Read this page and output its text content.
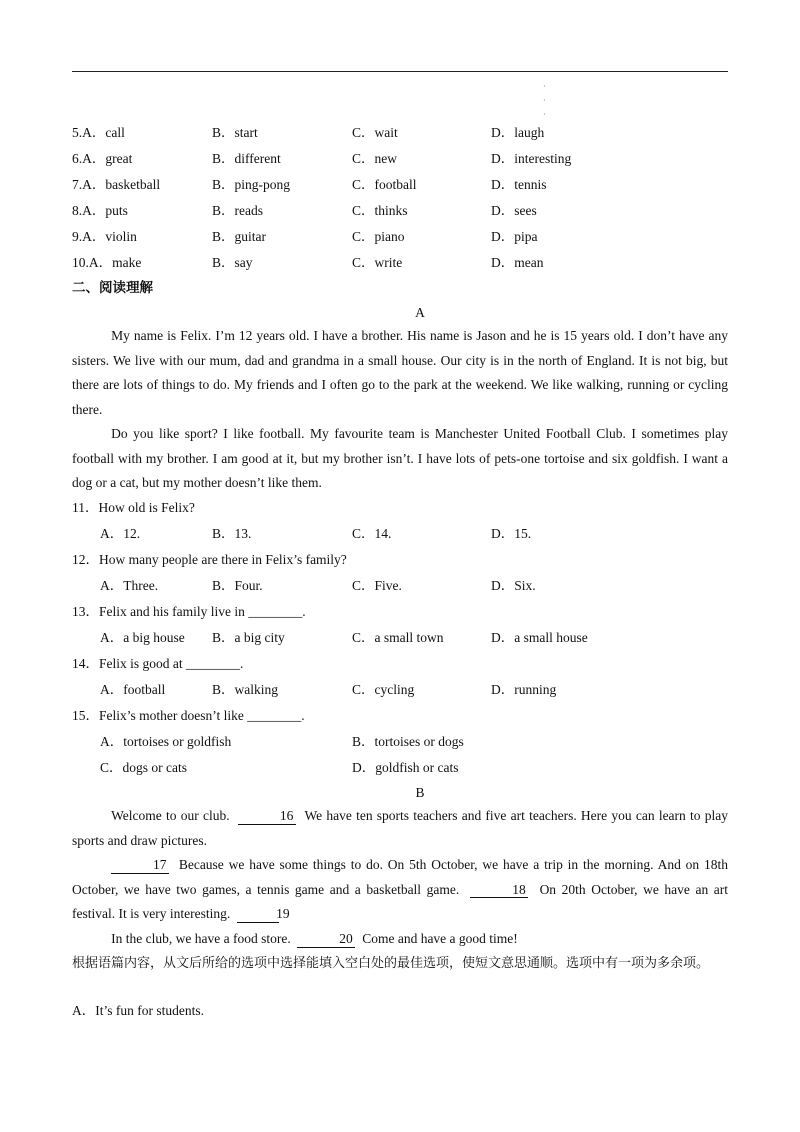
·
·
·
5.A．call	B．start	C．wait	D．laugh
6.A．great	B．different	C．new	D．interesting
7.A．basketball	B．ping-pong	C．football	D．tennis
8.A．puts	B．reads	C．thinks	D．sees
9.A．violin	B．guitar	C．piano	D．pipa
10.A．make	B．say	C．write	D．mean
二、阅读理解
A
My name is Felix. I’m 12 years old. I have a brother. His name is Jason and he is 15 years old. I don’t have any sisters. We live with our mum, dad and grandma in a small house. Our city is in the north of England. It is not big, but there are lots of things to do. My friends and I often go to the park at the weekend. We like walking, running or cycling there.
Do you like sport? I like football. My favourite team is Manchester United Football Club. I sometimes play football with my brother. I am good at it, but my brother isn’t. I have lots of pets-one tortoise and six goldfish. I want a dog or a cat, but my mother doesn’t like them.
11．How old is Felix?
A．12.	B．13.	C．14.	D．15.
12．How many people are there in Felix’s family?
A．Three.	B．Four.	C．Five.	D．Six.
13．Felix and his family live in ________.
A．a big house B．a big city	C．a small town	D．a small house
14．Felix is good at ________.
A．football	B．walking	C．cycling	D．running
15．Felix’s mother doesn’t like ________.
A．tortoises or goldfish	B．tortoises or dogs
C．dogs or cats	D．goldfish or cats
B
Welcome to our club.	16 We have ten sports teachers and five art teachers. Here you can learn to play sports and draw pictures.
17 Because we have some things to do. On 5th October, we have a trip in the morning. And on 18th October, we have two games, a tennis game and a basketball game.	18 On 20th October, we have an art festival. It is very interesting.	19
In the club, we have a food store.	20 Come and have a good time!
根据语篇内容，从文后所给的选项中选择能填入空白处的最佳选项，使短文意思通顺。选项中有一项为多余项。
A．It’s fun for students.
